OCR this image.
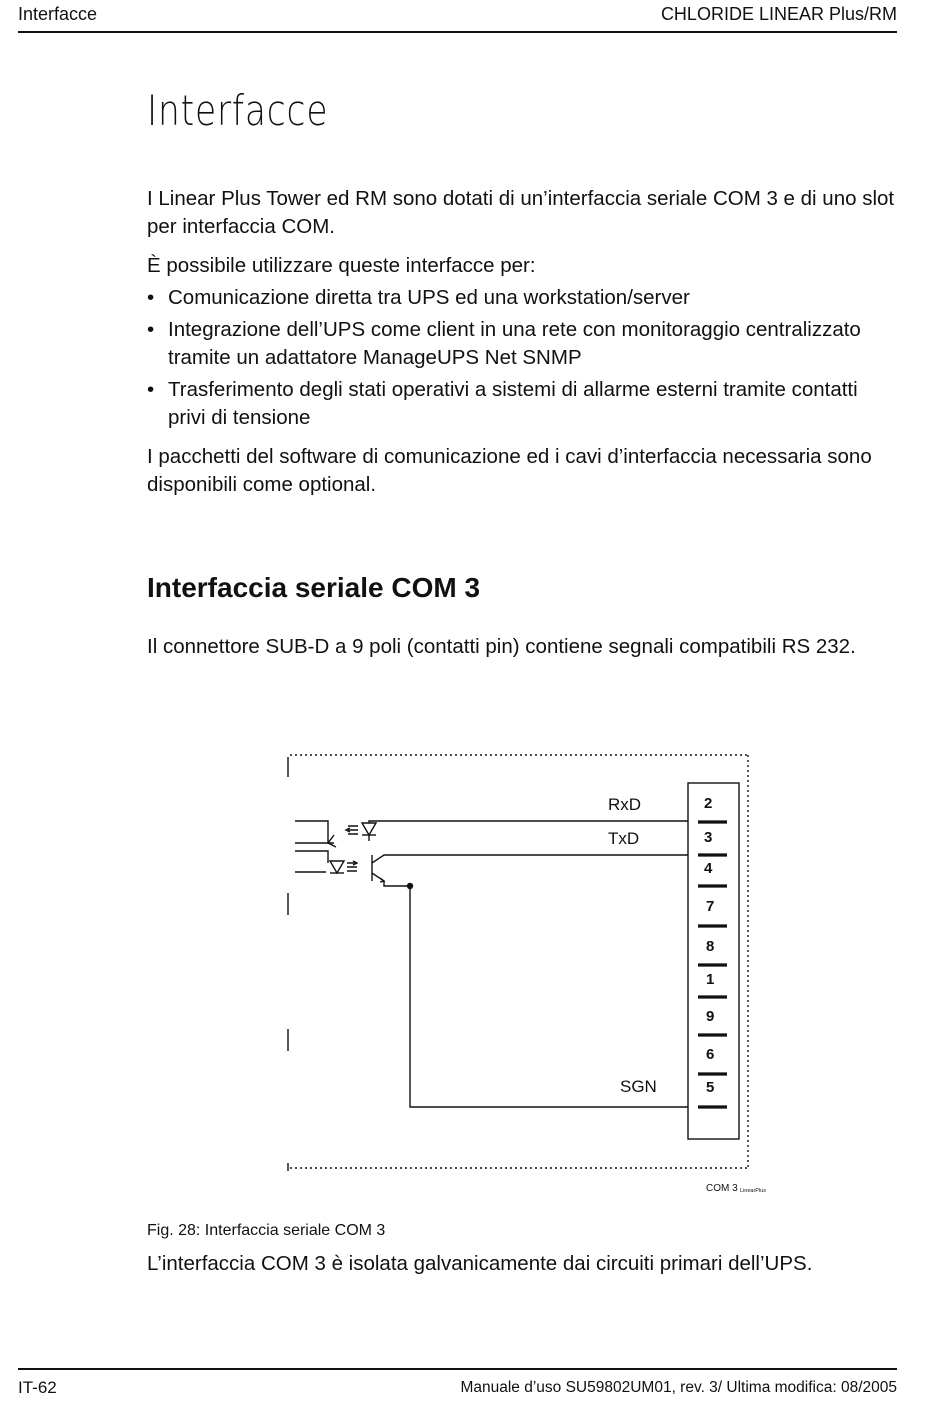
Interfacce	CHLORIDE LINEAR Plus/RM
Interfacce
I Linear Plus Tower ed RM sono dotati di un’interfaccia seriale COM 3 e di uno slot per interfaccia COM.
È possibile utilizzare queste interfacce per:
• Comunicazione diretta tra UPS ed una workstation/server
• Integrazione dell’UPS come client in una rete con monitoraggio centralizzato tramite un adattatore ManageUPS Net SNMP
• Trasferimento degli stati operativi a sistemi di allarme esterni tramite contatti privi di tensione
I pacchetti del software di comunicazione ed i cavi d’interfaccia necessaria sono disponibili come optional.
Interfaccia seriale COM 3
Il connettore SUB-D a 9 poli (contatti pin) contiene segnali compatibili RS 232.
RxD
TxD
SGN
2
3
4
7
8
1
9
6
5
COM 3 LinearPlus
Fig. 28: Interfaccia seriale COM 3
L’interfaccia COM 3 è isolata galvanicamente dai circuiti primari dell’UPS.
IT-62	Manuale d’uso SU59802UM01, rev. 3/ Ultima modifica: 08/2005
